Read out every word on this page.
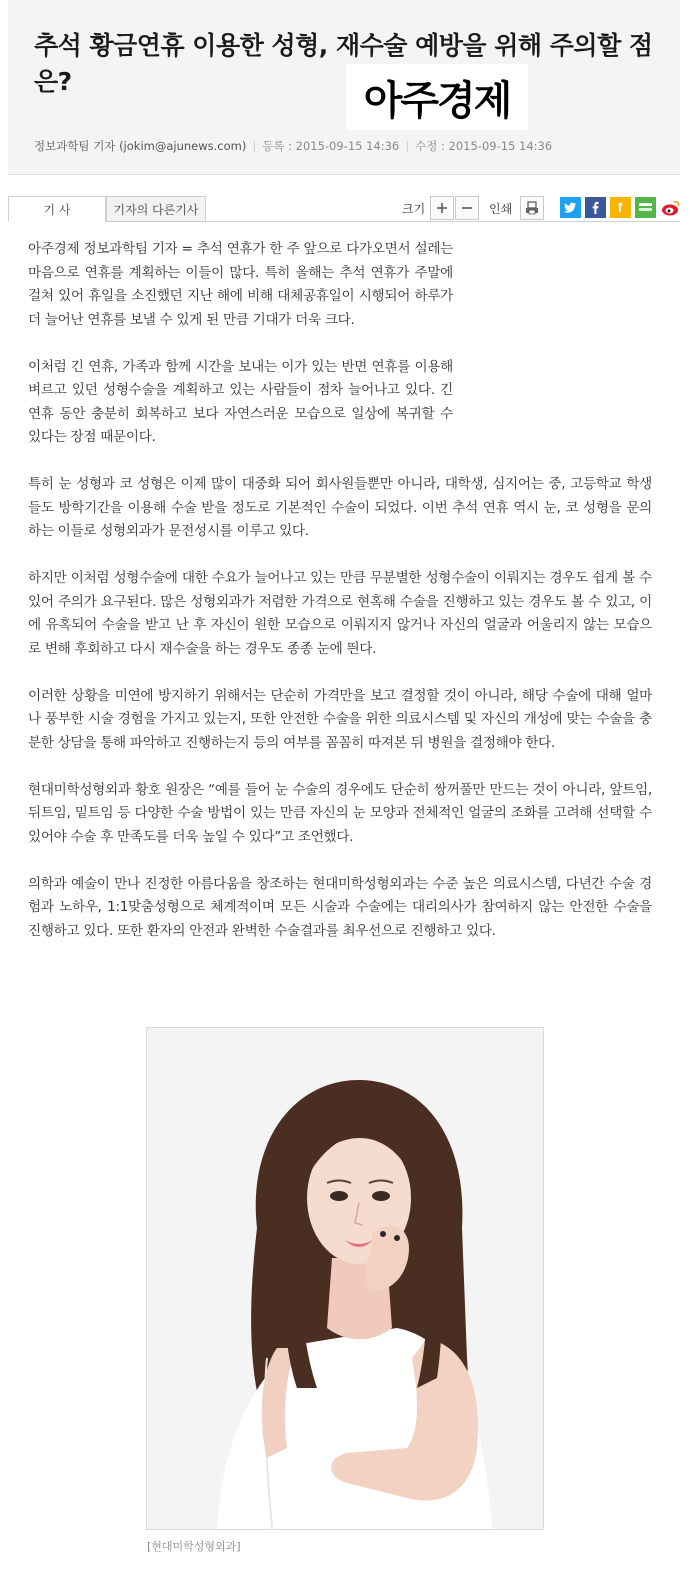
추석 황금연휴 이용한 성형, 재수술 예방을 위해 주의할 점은?	아주경제
정보과학팀 기자 (jokim@ajunews.com) | 등록 : 2015-09-15 14:36 | 수정 : 2015-09-15 14:36
기 사	기자의 다른기사	크기	인쇄

아주경제 정보과학팀 기자 = 추석 연휴가 한 주 앞으로 다가오면서 설레는 마음으로 연휴를 계획하는 이들이 많다. 특히 올해는 추석 연휴가 주말에 걸쳐 있어 휴일을 소진했던 지난 해에 비해 대체공휴일이 시행되어 하루가 더 늘어난 연휴를 보낼 수 있게 된 만큼 기대가 더욱 크다.

이처럼 긴 연휴, 가족과 함께 시간을 보내는 이가 있는 반면 연휴를 이용해 벼르고 있던 성형수술을 계획하고 있는 사람들이 점차 늘어나고 있다. 긴 연휴 동안 충분히 회복하고 보다 자연스러운 모습으로 일상에 복귀할 수 있다는 장점 때문이다.

특히 눈 성형과 코 성형은 이제 많이 대중화 되어 회사원들뿐만 아니라, 대학생, 심지어는 중, 고등학교 학생들도 방학기간을 이용해 수술 받을 정도로 기본적인 수술이 되었다. 이번 추석 연휴 역시 눈, 코 성형을 문의하는 이들로 성형외과가 문전성시를 이루고 있다.

하지만 이처럼 성형수술에 대한 수요가 늘어나고 있는 만큼 무분별한 성형수술이 이뤄지는 경우도 쉽게 볼 수 있어 주의가 요구된다. 많은 성형외과가 저렴한 가격으로 현혹해 수술을 진행하고 있는 경우도 볼 수 있고, 이에 유혹되어 수술을 받고 난 후 자신이 원한 모습으로 이뤄지지 않거나 자신의 얼굴과 어울리지 않는 모습으로 변해 후회하고 다시 재수술을 하는 경우도 종종 눈에 띈다.

이러한 상황을 미연에 방지하기 위해서는 단순히 가격만을 보고 결정할 것이 아니라, 해당 수술에 대해 얼마나 풍부한 시술 경험을 가지고 있는지, 또한 안전한 수술을 위한 의료시스템 및 자신의 개성에 맞는 수술을 충분한 상담을 통해 파악하고 진행하는지 등의 여부를 꼼꼼히 따져본 뒤 병원을 결정해야 한다.

현대미학성형외과 황호 원장은 “예를 들어 눈 수술의 경우에도 단순히 쌍꺼풀만 만드는 것이 아니라, 앞트임, 뒤트임, 밑트임 등 다양한 수술 방법이 있는 만큼 자신의 눈 모양과 전체적인 얼굴의 조화를 고려해 선택할 수 있어야 수술 후 만족도를 더욱 높일 수 있다”고 조언했다.

의학과 예술이 만나 진정한 아름다움을 창조하는 현대미학성형외과는 수준 높은 의료시스템, 다년간 수술 경험과 노하우, 1:1맞춤성형으로 체계적이며 모든 시술과 수술에는 대리의사가 참여하지 않는 안전한 수술을 진행하고 있다. 또한 환자의 안전과 완벽한 수술결과를 최우선으로 진행하고 있다.

[현대미학성형외과]
